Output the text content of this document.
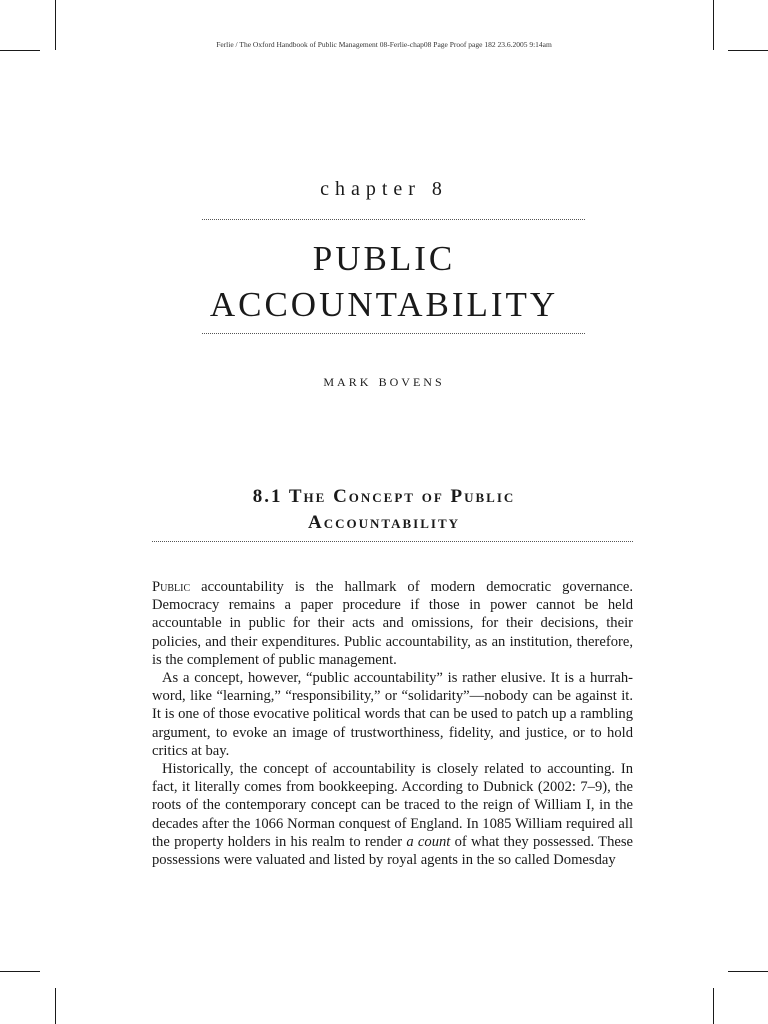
Ferlie / The Oxford Handbook of Public Management 08-Ferlie-chap08 Page Proof page 182 23.6.2005 9:14am
chapter 8
PUBLIC
ACCOUNTABILITY
mark bovens
8.1 The Concept of Public
Accountability

Public accountability is the hallmark of modern democratic governance. Democracy remains a paper procedure if those in power cannot be held accountable in public for their acts and omissions, for their decisions, their policies, and their expenditures. Public accountability, as an institution, therefore, is the complement of public management.

As a concept, however, “public accountability” is rather elusive. It is a hurrah-word, like “learning,” “responsibility,” or “solidarity”—nobody can be against it. It is one of those evocative political words that can be used to patch up a rambling argument, to evoke an image of trustworthiness, fidelity, and justice, or to hold critics at bay.

Historically, the concept of accountability is closely related to accounting. In fact, it literally comes from bookkeeping. According to Dubnick (2002: 7–9), the roots of the contemporary concept can be traced to the reign of William I, in the decades after the 1066 Norman conquest of England. In 1085 William required all the property holders in his realm to render a count of what they possessed. These possessions were valuated and listed by royal agents in the so called Domesday
